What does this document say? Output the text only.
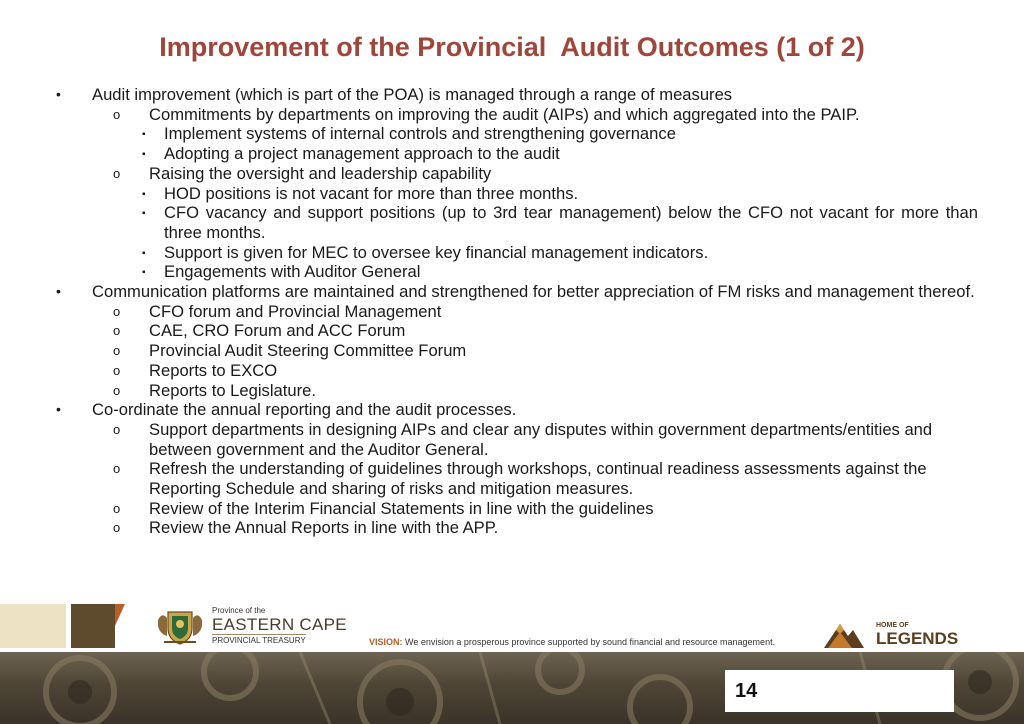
Improvement of the Provincial  Audit Outcomes (1 of 2)
• Audit improvement (which is part of the POA) is managed through a range of measures
o Commitments by departments on improving the audit (AIPs) and which aggregated into the PAIP.
▪ Implement systems of internal controls and strengthening governance
▪ Adopting a project management approach to the audit
o Raising the oversight and leadership capability
▪ HOD positions is not vacant for more than three months.
▪ CFO vacancy and support positions (up to 3rd tear management) below the CFO not vacant for more than three months.
▪ Support is given for MEC to oversee key financial management indicators.
▪ Engagements with Auditor General
• Communication platforms are maintained and strengthened for better appreciation of FM risks and management thereof.
o CFO forum and Provincial Management
o CAE, CRO Forum and ACC Forum
o Provincial Audit Steering Committee Forum
o Reports to EXCO
o Reports to Legislature.
• Co-ordinate the annual reporting and the audit processes.
o Support departments in designing AIPs and clear any disputes within government departments/entities and between government and the Auditor General.
o Refresh the understanding of guidelines through workshops, continual readiness assessments against the Reporting Schedule and sharing of risks and mitigation measures.
o Review of the Interim Financial Statements in line with the guidelines
o Review the Annual Reports in line with the APP.
Province of the
EASTERN CAPE
PROVINCIAL TREASURY	VISION: We envision a prosperous province supported by sound financial and resource management.
HOME OF
LEGENDS
14
